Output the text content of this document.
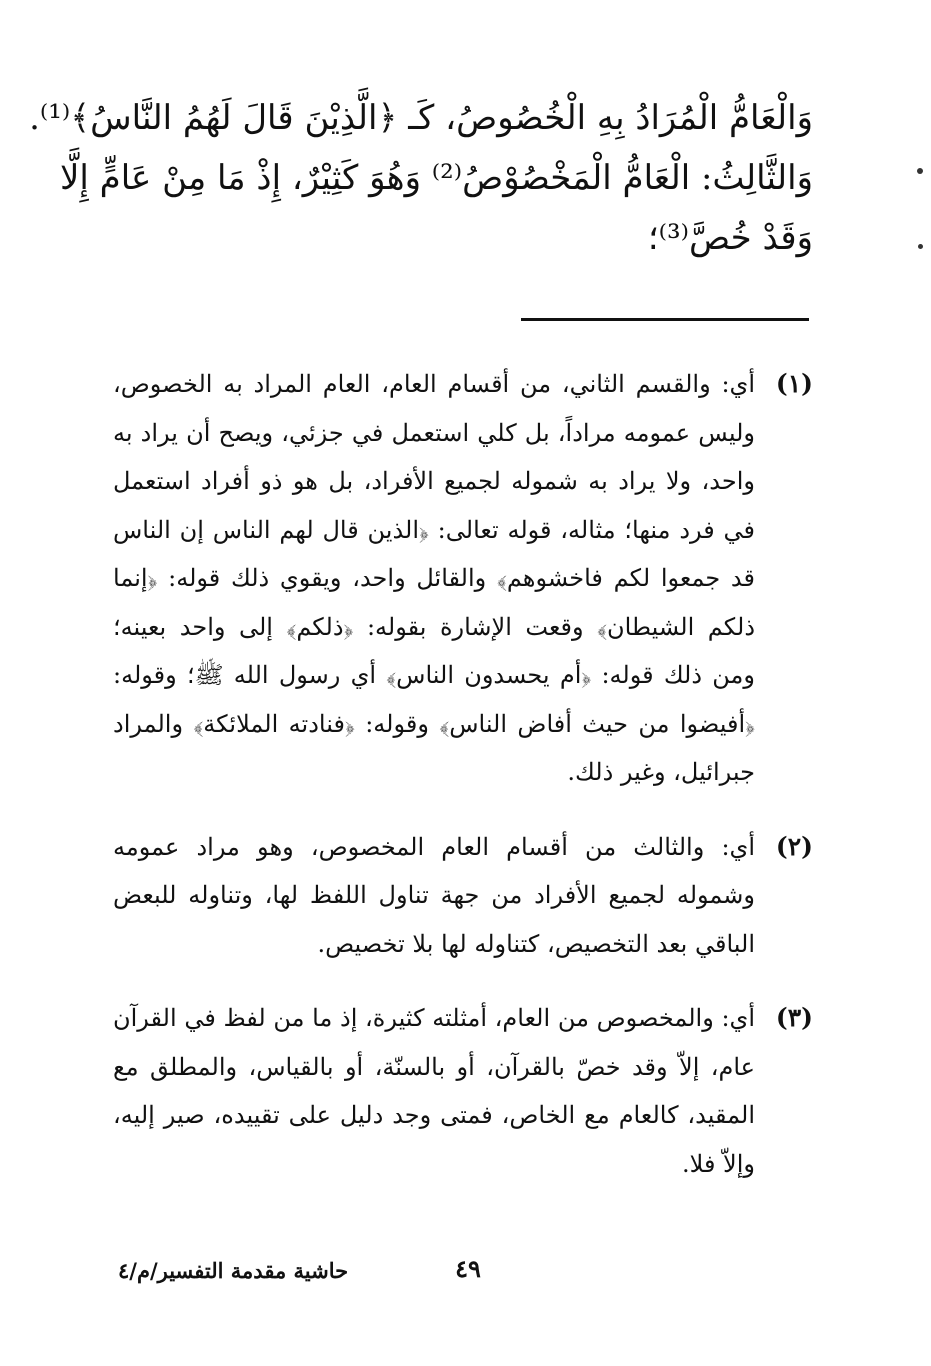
وَالْعَامُّ الْمُرَادُ بِهِ الْخُصُوصُ، كَـ ﴿الَّذِيْنَ قَالَ لَهُمُ النَّاسُ﴾⁽¹⁾.
وَالثَّالِثُ: الْعَامُّ الْمَخْصُوْصُ⁽²⁾ وَهُوَ كَثِيْرٌ، إِذْ مَا مِنْ عَامٍّ إِلَّا
وَقَدْ خُصَّ⁽³⁾؛
(١)
أي: والقسم الثاني، من أقسام العام، العام المراد به الخصوص، وليس عمومه مراداً، بل كلي استعمل في جزئي، ويصح أن يراد به واحد، ولا يراد به شموله لجميع الأفراد، بل هو ذو أفراد استعمل في فرد منها؛ مثاله، قوله تعالى: ﴿الذين قال لهم الناس إن الناس قد جمعوا لكم فاخشوهم﴾ والقائل واحد، ويقوي ذلك قوله: ﴿إنما ذلكم الشيطان﴾ وقعت الإشارة بقوله: ﴿ذلكم﴾ إلى واحد بعينه؛ ومن ذلك قوله: ﴿أم يحسدون الناس﴾ أي رسول الله ﷺ؛ وقوله: ﴿أفيضوا من حيث أفاض الناس﴾ وقوله: ﴿فنادته الملائكة﴾ والمراد جبرائيل، وغير ذلك.
(٢)
أي: والثالث من أقسام العام المخصوص، وهو مراد عمومه وشموله لجميع الأفراد من جهة تناول اللفظ لها، وتناوله للبعض الباقي بعد التخصيص، كتناوله لها بلا تخصيص.
(٣)
أي: والمخصوص من العام، أمثلته كثيرة، إذ ما من لفظ في القرآن عام، إلاّ وقد خصّ بالقرآن، أو بالسنّة، أو بالقياس، والمطلق مع المقيد، كالعام مع الخاص، فمتى وجد دليل على تقييده، صير إليه، وإلاّ فلا.
٤٩
حاشية مقدمة التفسير/م/٤
